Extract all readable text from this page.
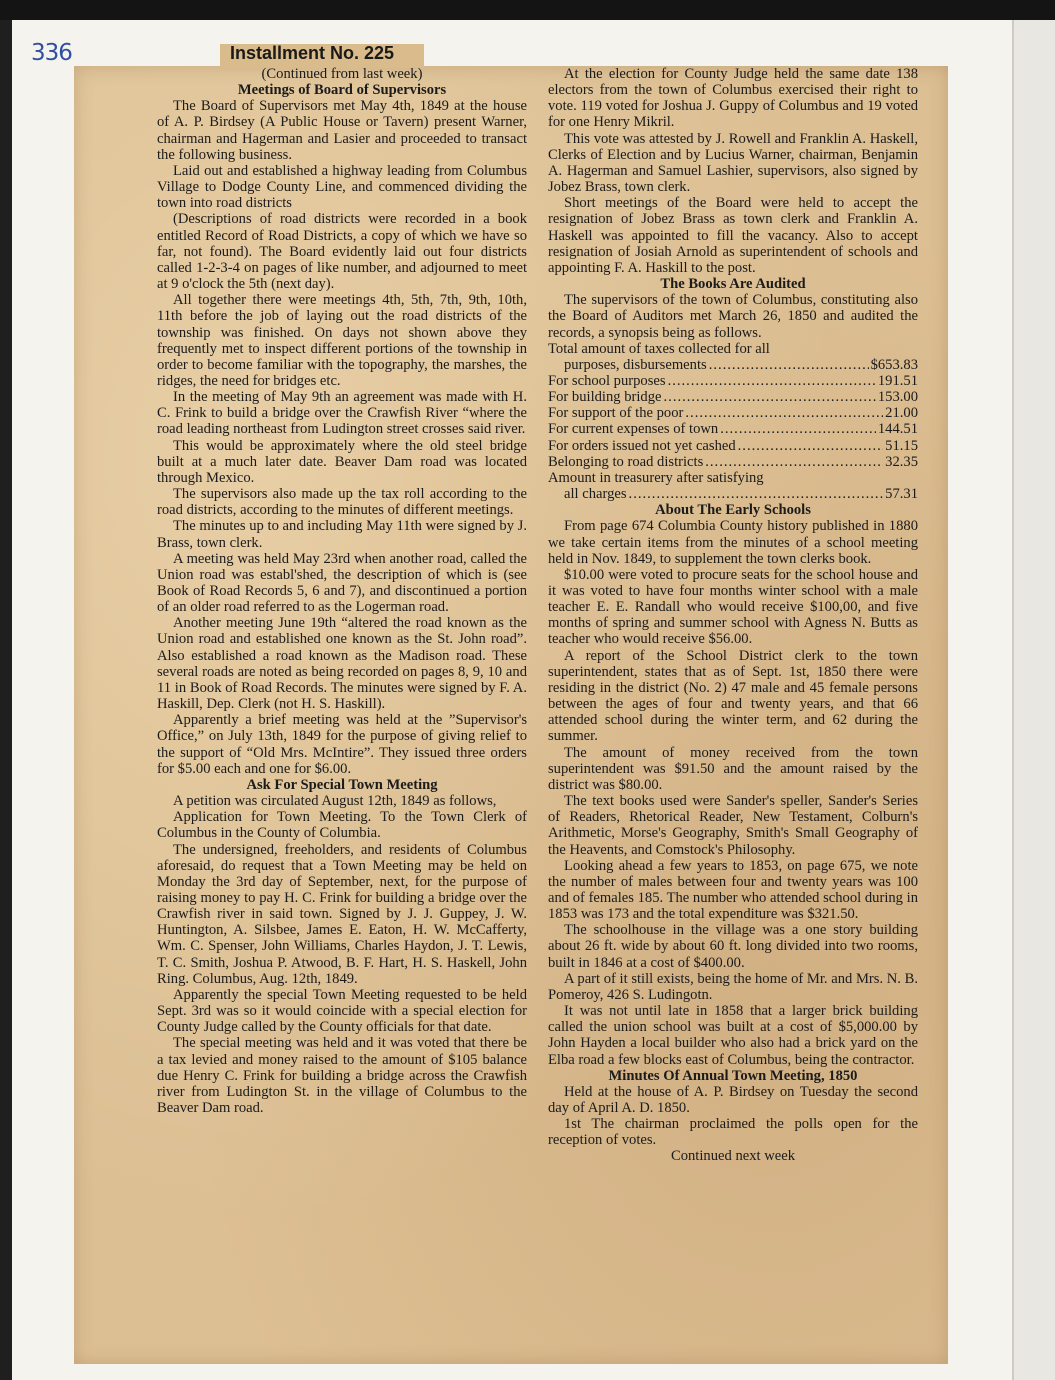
336	Installment No. 225
(Continued from last week)
Meetings of Board of Supervisors

The Board of Supervisors met May 4th, 1849 at the house of A. P. Birdsey (A Public House or Tavern) present Warner, chairman and Hagerman and Lasier and proceeded to transact the following business.

Laid out and established a highway leading from Columbus Village to Dodge County Line, and commenced dividing the town into road districts

(Descriptions of road districts were recorded in a book entitled Record of Road Districts, a copy of which we have so far, not found). The Board evidently laid out four districts called 1-2-3-4 on pages of like number, and adjourned to meet at 9 o'clock the 5th (next day).

All together there were meetings 4th, 5th, 7th, 9th, 10th, 11th before the job of laying out the road districts of the township was finished. On days not shown above they frequently met to inspect different portions of the township in order to become familiar with the topography, the marshes, the ridges, the need for bridges etc.

In the meeting of May 9th an agreement was made with H. C. Frink to build a bridge over the Crawfish River “where the road leading northeast from Ludington street crosses said river.

This would be approximately where the old steel bridge built at a much later date. Beaver Dam road was located through Mexico.

The supervisors also made up the tax roll according to the road districts, according to the minutes of different meetings.

The minutes up to and including May 11th were signed by J. Brass, town clerk.

A meeting was held May 23rd when another road, called the Union road was establ'shed, the description of which is (see Book of Road Records 5, 6 and 7), and discontinued a portion of an older road referred to as the Logerman road.

Another meeting June 19th “altered the road known as the Union road and established one known as the St. John road”. Also established a road known as the Madison road. These several roads are noted as being recorded on pages 8, 9, 10 and 11 in Book of Road Records. The minutes were signed by F. A. Haskill, Dep. Clerk (not H. S. Haskill).

Apparently a brief meeting was held at the ”Supervisor's Office,” on July 13th, 1849 for the purpose of giving relief to the support of “Old Mrs. McIntire”. They issued three orders for $5.00 each and one for $6.00.

Ask For Special Town Meeting

A petition was circulated August 12th, 1849 as follows,

Application for Town Meeting. To the Town Clerk of Columbus in the County of Columbia.

The undersigned, freeholders, and residents of Columbus aforesaid, do request that a Town Meeting may be held on Monday the 3rd day of September, next, for the purpose of raising money to pay H. C. Frink for building a bridge over the Crawfish river in said town. Signed by J. J. Guppey, J. W. Huntington, A. Silsbee, James E. Eaton, H. W. McCafferty, Wm. C. Spenser, John Williams, Charles Haydon, J. T. Lewis, T. C. Smith, Joshua P. Atwood, B. F. Hart, H. S. Haskell, John Ring. Columbus, Aug. 12th, 1849.

Apparently the special Town Meeting requested to be held Sept. 3rd was so it would coincide with a special election for County Judge called by the County officials for that date.

The special meeting was held and it was voted that there be a tax levied and money raised to the amount of $105 balance due Henry C. Frink for building a bridge across the Crawfish river from Ludington St. in the village of Columbus to the Beaver Dam road.

At the election for County Judge held the same date 138 electors from the town of Columbus exercised their right to vote. 119 voted for Joshua J. Guppy of Columbus and 19 voted for one Henry Mikril.

This vote was attested by J. Rowell and Franklin A. Haskell, Clerks of Election and by Lucius Warner, chairman, Benjamin A. Hagerman and Samuel Lashier, supervisors, also signed by Jobez Brass, town clerk.

Short meetings of the Board were held to accept the resignation of Jobez Brass as town clerk and Franklin A. Haskell was appointed to fill the vacancy. Also to accept resignation of Josiah Arnold as superintendent of schools and appointing F. A. Haskill to the post.

The Books Are Audited

The supervisors of the town of Columbus, constituting also the Board of Auditors met March 26, 1850 and audited the records, a synopsis being as follows.

Total amount of taxes collected for all
purposes, disbursements .....	$653.83
For school purposes .....	191.51
For building bridge .....	153.00
For support of the poor .....	21.00
For current expenses of town .....	144.51
For orders issued not yet cashed .....	51.15
Belonging to road districts .....	32.35
Amount in treasurery after satisfying
all charges .....	57.31
About The Early Schools

From page 674 Columbia County history published in 1880 we take certain items from the minutes of a school meeting held in Nov. 1849, to supplement the town clerks book.

$10.00 were voted to procure seats for the school house and it was voted to have four months winter school with a male teacher E. E. Randall who would receive $100,00, and five months of spring and summer school with Agness N. Butts as teacher who would receive $56.00.

A report of the School District clerk to the town superintendent, states that as of Sept. 1st, 1850 there were residing in the district (No. 2) 47 male and 45 female persons between the ages of four and twenty years, and that 66 attended school during the winter term, and 62 during the summer.

The amount of money received from the town superintendent was $91.50 and the amount raised by the district was $80.00.

The text books used were Sander's speller, Sander's Series of Readers, Rhetorical Reader, New Testament, Colburn's Arithmetic, Morse's Geography, Smith's Small Geography of the Heavents, and Comstock's Philosophy.

Looking ahead a few years to 1853, on page 675, we note the number of males between four and twenty years was 100 and of females 185. The number who attended school during in 1853 was 173 and the total expenditure was $321.50.

The schoolhouse in the village was a one story building about 26 ft. wide by about 60 ft. long divided into two rooms, built in 1846 at a cost of $400.00.

A part of it still exists, being the home of Mr. and Mrs. N. B. Pomeroy, 426 S. Ludingotn.

It was not until late in 1858 that a larger brick building called the union school was built at a cost of $5,000.00 by John Hayden a local builder who also had a brick yard on the Elba road a few blocks east of Columbus, being the contractor.

Minutes Of Annual Town Meeting, 1850

Held at the house of A. P. Birdsey on Tuesday the second day of April A. D. 1850.

1st The chairman proclaimed the polls open for the reception of votes.

Continued next week
